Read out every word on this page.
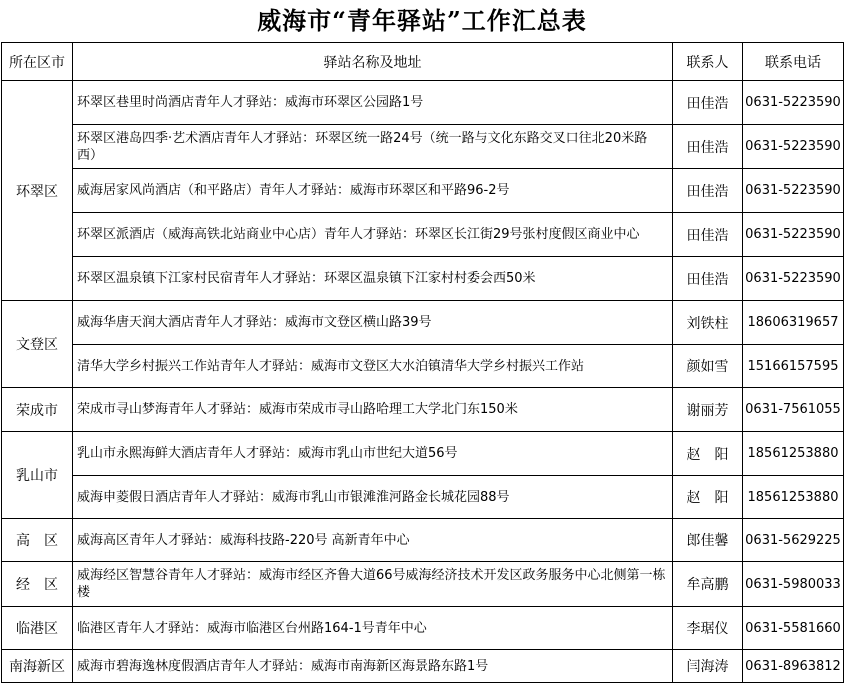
威海市“青年驿站”工作汇总表
所在区市	驿站名称及地址	联系人	联系电话
环翠区	环翠区巷里时尚酒店青年人才驿站：威海市环翠区公园路1号	田佳浩	0631-5223590
	环翠区港岛四季·艺术酒店青年人才驿站：环翠区统一路24号（统一路与文化东路交叉口往北20米路西）	田佳浩	0631-5223590
	威海居家风尚酒店（和平路店）青年人才驿站：威海市环翠区和平路96-2号	田佳浩	0631-5223590
	环翠区派酒店（威海高铁北站商业中心店）青年人才驿站：环翠区长江街29号张村度假区商业中心	田佳浩	0631-5223590
	环翠区温泉镇下江家村民宿青年人才驿站：环翠区温泉镇下江家村村委会西50米	田佳浩	0631-5223590
文登区	威海华唐天润大酒店青年人才驿站：威海市文登区横山路39号	刘铁柱	18606319657
	清华大学乡村振兴工作站青年人才驿站：威海市文登区大水泊镇清华大学乡村振兴工作站	颜如雪	15166157595
荣成市	荣成市寻山梦海青年人才驿站：威海市荣成市寻山路哈理工大学北门东150米	谢丽芳	0631-7561055
乳山市	乳山市永熙海鲜大酒店青年人才驿站：威海市乳山市世纪大道56号	赵　阳	18561253880
	威海申菱假日酒店青年人才驿站：威海市乳山市银滩淮河路金长城花园88号	赵　阳	18561253880
高　区	威海高区青年人才驿站：威海科技路-220号 高新青年中心	郎佳馨	0631-5629225
经　区	威海经区智慧谷青年人才驿站：威海市经区齐鲁大道66号威海经济技术开发区政务服务中心北侧第一栋楼	牟高鹏	0631-5980033
临港区	临港区青年人才驿站：威海市临港区台州路164-1号青年中心	李琚仪	0631-5581660
南海新区	威海市碧海逸林度假酒店青年人才驿站：威海市南海新区海景路东路1号	闫海涛	0631-8963812
